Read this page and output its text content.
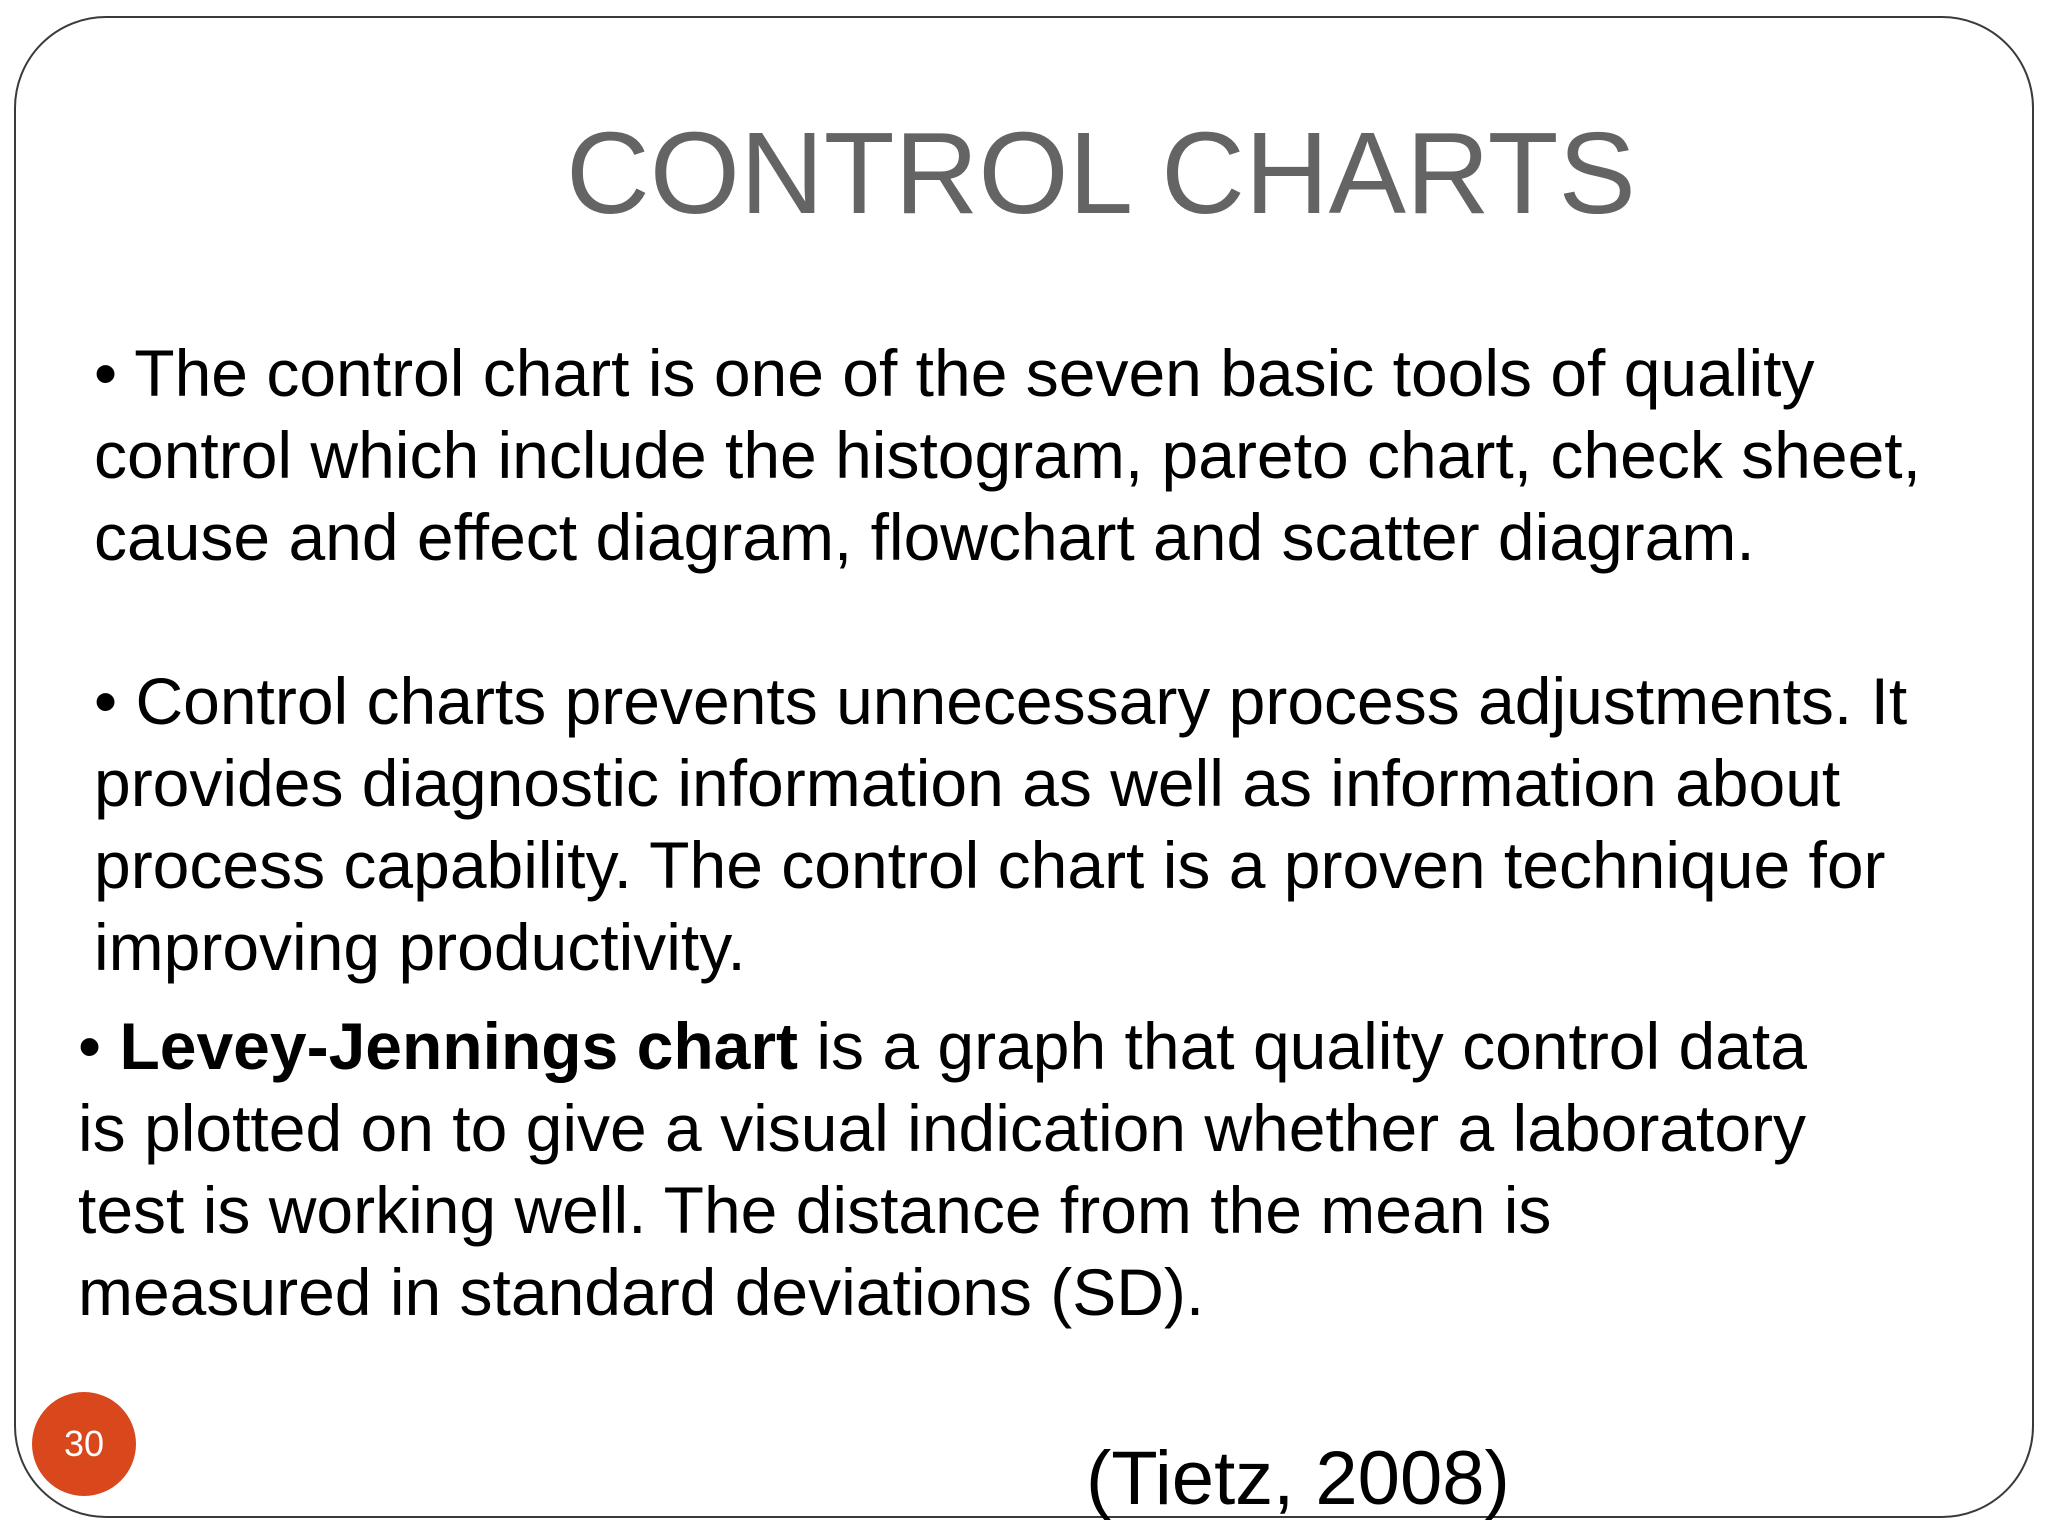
CONTROL CHARTS
• The control chart is one of the seven basic tools of quality
control which include the histogram, pareto chart, check sheet,
cause and effect diagram, flowchart and scatter diagram.
• Control charts prevents unnecessary process adjustments. It
provides diagnostic information as well as information about
process capability. The control chart is a proven technique for
improving productivity.
• Levey-Jennings chart is a graph that quality control data
is plotted on to give a visual indication whether a laboratory
test is working well. The distance from the mean is
measured in standard deviations (SD).
30	(Tietz, 2008)
